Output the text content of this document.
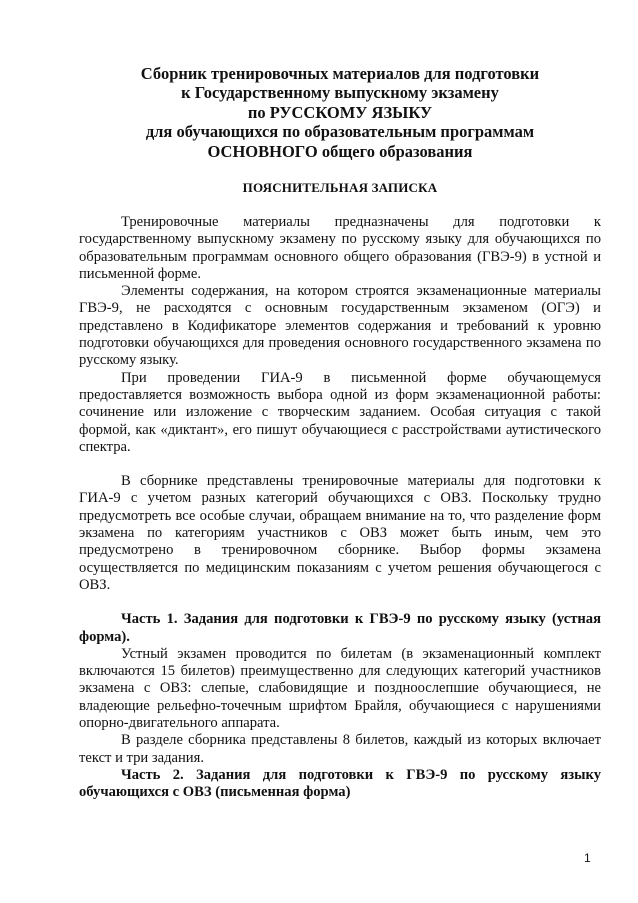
Сборник тренировочных материалов для подготовки
к Государственному выпускному экзамену
по РУССКОМУ ЯЗЫКУ
для обучающихся по образовательным программам
ОСНОВНОГО общего образования
ПОЯСНИТЕЛЬНАЯ ЗАПИСКА

Тренировочные материалы предназначены для подготовки к государственному выпускному экзамену по русскому языку для обучающихся по образовательным программам основного общего образования (ГВЭ-9) в устной и письменной форме.

Элементы содержания, на котором строятся экзаменационные материалы ГВЭ-9, не расходятся с основным государственным экзаменом (ОГЭ) и представлено в Кодификаторе элементов содержания и требований к уровню подготовки обучающихся для проведения основного государственного экзамена по русскому языку.

При проведении ГИА-9 в письменной форме обучающемуся предоставляется возможность выбора одной из форм экзаменационной работы: сочинение или изложение с творческим заданием. Особая ситуация с такой формой, как «диктант», его пишут обучающиеся с расстройствами аутистического спектра.

В сборнике представлены тренировочные материалы для подготовки к ГИА-9 с учетом разных категорий обучающихся с ОВЗ. Поскольку трудно предусмотреть все особые случаи, обращаем внимание на то, что разделение форм экзамена по категориям участников с ОВЗ может быть иным, чем это предусмотрено в тренировочном сборнике. Выбор формы экзамена осуществляется по медицинским показаниям с учетом решения обучающегося с ОВЗ.

Часть 1. Задания для подготовки к ГВЭ-9 по русскому языку (устная форма).

Устный экзамен проводится по билетам (в экзаменационный комплект включаются 15 билетов) преимущественно для следующих категорий участников экзамена с ОВЗ: слепые, слабовидящие и поздноослепшие обучающиеся, не владеющие рельефно-точечным шрифтом Брайля, обучающиеся с нарушениями опорно-двигательного аппарата.

В разделе сборника представлены 8 билетов, каждый из которых включает текст и три задания.

Часть 2. Задания для подготовки к ГВЭ-9 по русскому языку обучающихся с ОВЗ (письменная форма)

1
